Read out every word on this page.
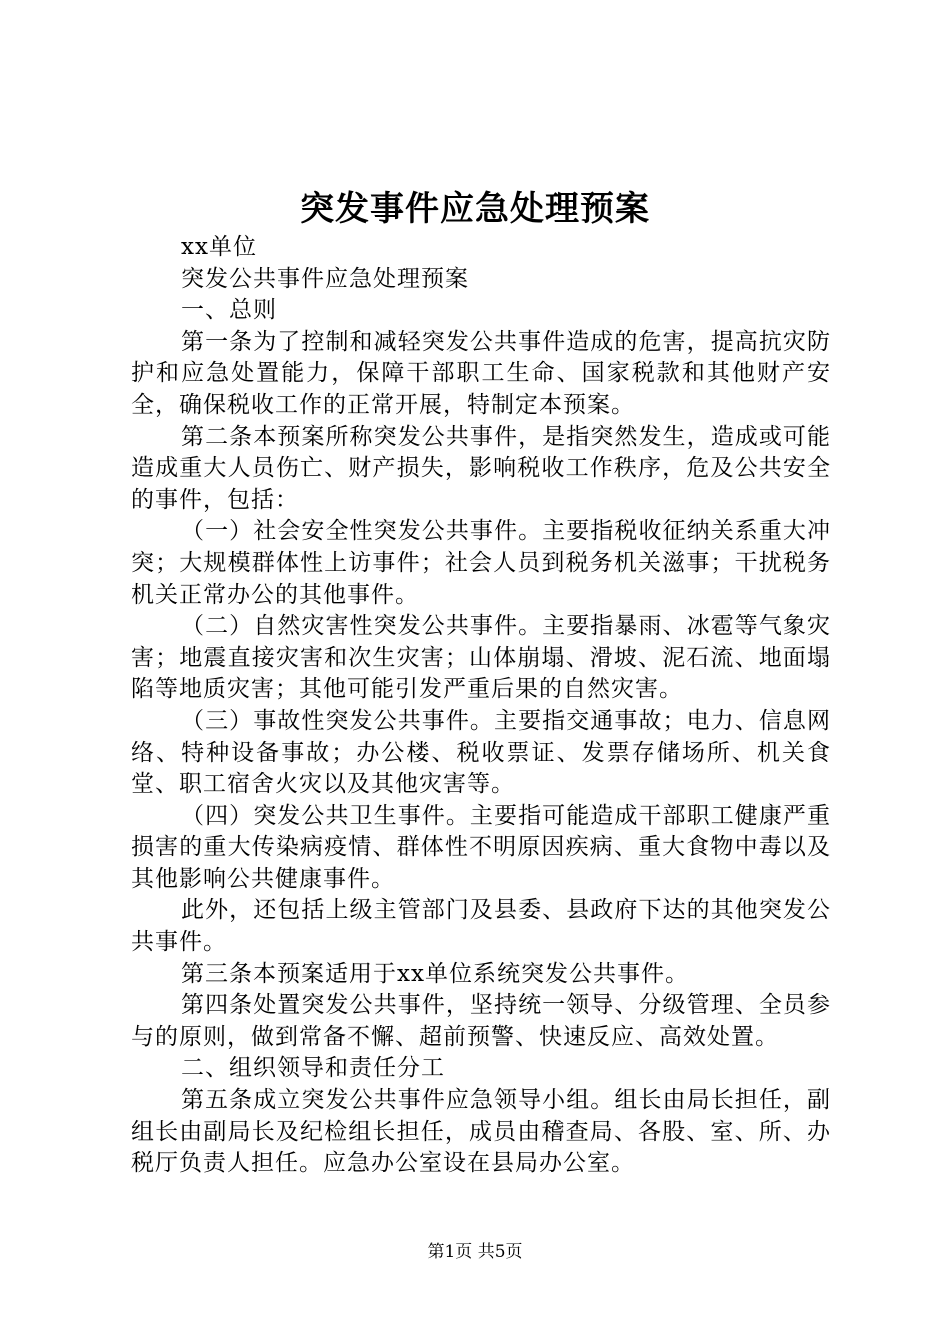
突发事件应急处理预案

xx单位

突发公共事件应急处理预案

一、总则

第一条为了控制和减轻突发公共事件造成的危害，提高抗灾防护和应急处置能力，保障干部职工生命、国家税款和其他财产安全，确保税收工作的正常开展，特制定本预案。

第二条本预案所称突发公共事件，是指突然发生，造成或可能造成重大人员伤亡、财产损失，影响税收工作秩序，危及公共安全的事件，包括：

（一）社会安全性突发公共事件。主要指税收征纳关系重大冲突；大规模群体性上访事件；社会人员到税务机关滋事；干扰税务机关正常办公的其他事件。

（二）自然灾害性突发公共事件。主要指暴雨、冰雹等气象灾害；地震直接灾害和次生灾害；山体崩塌、滑坡、泥石流、地面塌陷等地质灾害；其他可能引发严重后果的自然灾害。

（三）事故性突发公共事件。主要指交通事故；电力、信息网络、特种设备事故；办公楼、税收票证、发票存储场所、机关食堂、职工宿舍火灾以及其他灾害等。

（四）突发公共卫生事件。主要指可能造成干部职工健康严重损害的重大传染病疫情、群体性不明原因疾病、重大食物中毒以及其他影响公共健康事件。

此外，还包括上级主管部门及县委、县政府下达的其他突发公共事件。

第三条本预案适用于xx单位系统突发公共事件。

第四条处置突发公共事件，坚持统一领导、分级管理、全员参与的原则，做到常备不懈、超前预警、快速反应、高效处置。

二、组织领导和责任分工

第五条成立突发公共事件应急领导小组。组长由局长担任，副组长由副局长及纪检组长担任，成员由稽查局、各股、室、所、办税厅负责人担任。应急办公室设在县局办公室。

第1页 共5页
